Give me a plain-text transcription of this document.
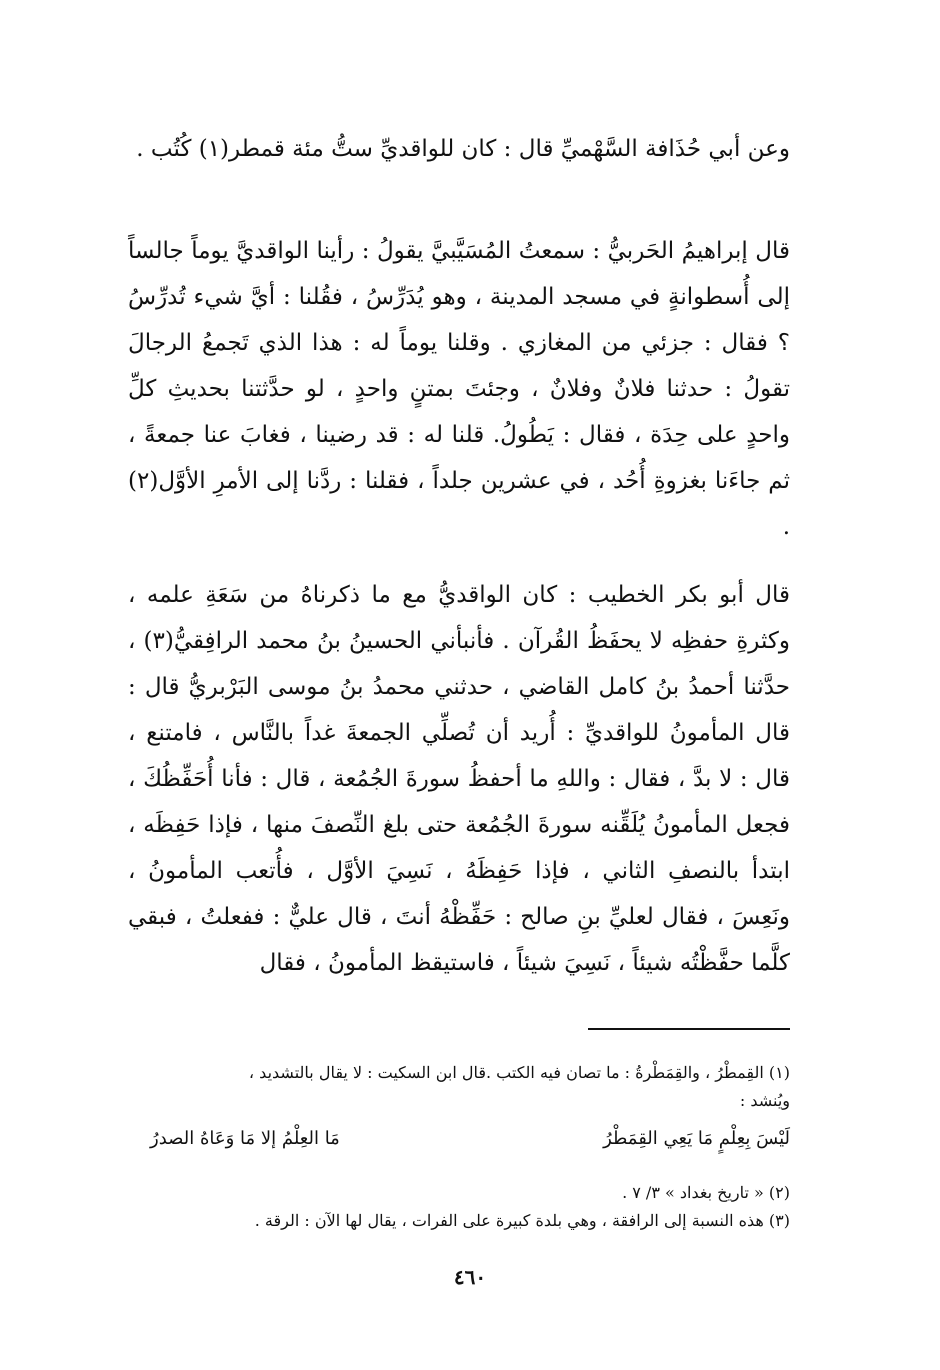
وعن أبي حُذَافة السَّهْميِّ قال : كان للواقديِّ ستُّ مئة قمطر(١) كُتُب .

قال إبراهيمُ الحَربيُّ : سمعتُ المُسَيَّبيَّ يقولُ : رأينا الواقديَّ يوماً جالساً إلى أُسطوانةٍ في مسجد المدينة ، وهو يُدَرِّسُ ، فقُلنا : أيَّ شيء تُدرِّسُ ؟ فقال : جزئي من المغازي . وقلنا يوماً له : هذا الذي تَجمعُ الرجالَ تقولُ : حدثنا فلانٌ وفلانٌ ، وجئتَ بمتنٍ واحدٍ ، لو حدَّثتنا بحديثِ كلِّ واحدٍ على حِدَة ، فقال : يَطُولُ. قلنا له : قد رضينا ، فغابَ عنا جمعةً ، ثم جاءَنا بغزوةِ أُحُد ، في عشرين جلداً ، فقلنا : ردَّنا إلى الأمرِ الأوَّل(٢) .

قال أبو بكر الخطيب : كان الواقديُّ مع ما ذكرناهُ من سَعَةِ علمه ، وكثرةِ حفظِه لا يحفَظُ القُرآن . فأنبأني الحسينُ بنُ محمد الرافِقيُّ(٣) ، حدَّثنا أحمدُ بنُ كامل القاضي ، حدثني محمدُ بنُ موسى البَرْبريُّ قال : قال المأمونُ للواقديِّ : أُريد أن تُصلِّي الجمعةَ غداً بالنَّاس ، فامتنع ، قال : لا بدَّ ، فقال : واللهِ ما أحفظُ سورةَ الجُمُعة ، قال : فأنا أُحَفِّظُكَ ، فجعل المأمونُ يُلَقِّنه سورةَ الجُمُعة حتى بلغ النِّصفَ منها ، فإذا حَفِظَه ، ابتدأ بالنصفِ الثاني ، فإذا حَفِظَهُ ، نَسِيَ الأوَّل ، فأُتعب المأمونُ ، ونَعِسَ ، فقال لعليِّ بنِ صالح : حَفِّظْهُ أنتَ ، قال عليٌّ : ففعلتُ ، فبقي كلَّما حفَّظْتُه شيئاً ، نَسِيَ شيئاً ، فاستيقظ المأمونُ ، فقال

(١) القِمطْرُ ، والقِمَطْرةُ : ما تصان فيه الكتب .قال ابن السكيت : لا يقال بالتشديد ،
ويُنشد :
لَيْسَ بِعِلْمٍ مَا يَعِي القِمَطْرُ
مَا العِلْمُ إلا مَا وَعَاهُ الصدرُ
(٢) « تاريخ بغداد » ٣/ ٧ .
(٣) هذه النسبة إلى الرافقة ، وهي بلدة كبيرة على الفرات ، يقال لها الآن : الرقة .
٤٦٠
